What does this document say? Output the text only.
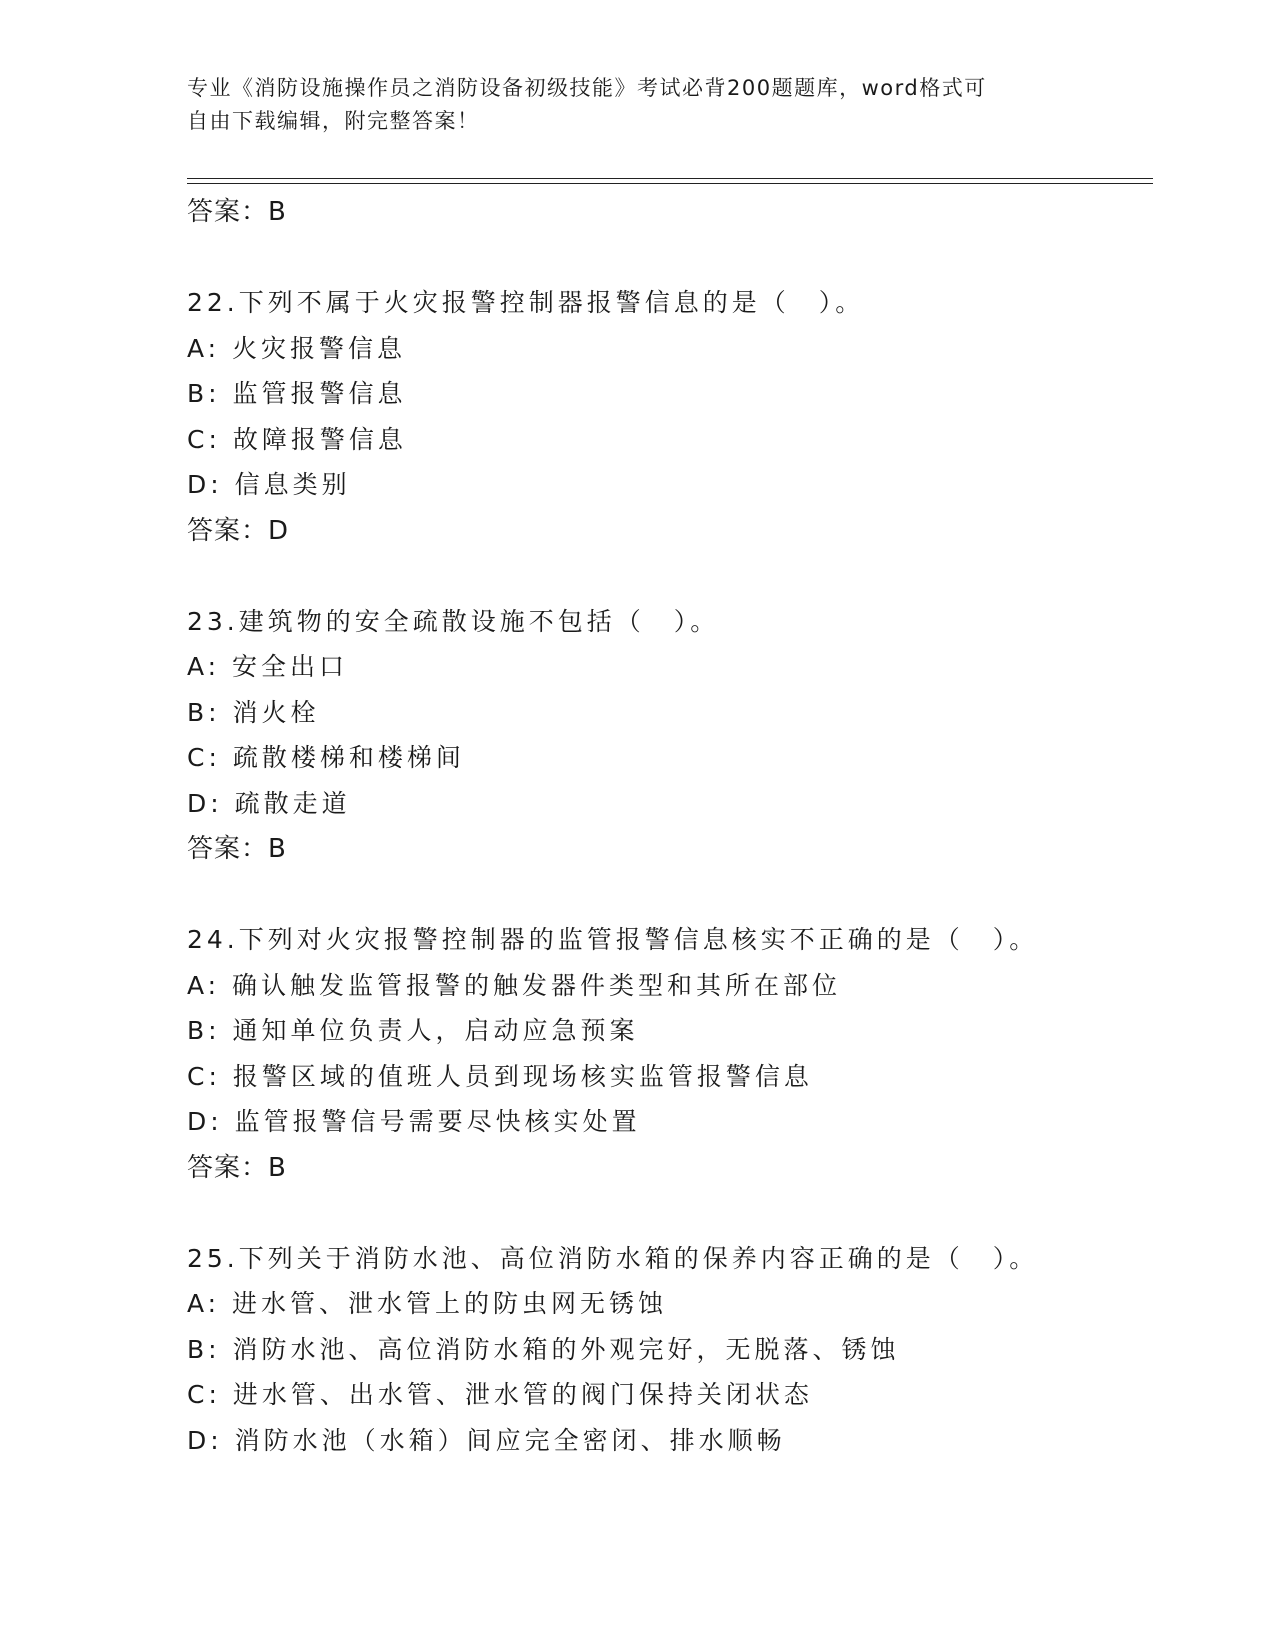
专业《消防设施操作员之消防设备初级技能》考试必背200题题库，word格式可
自由下载编辑，附完整答案！
答案：B
22.下列不属于火灾报警控制器报警信息的是（　）。
A: 火灾报警信息
B: 监管报警信息
C: 故障报警信息
D: 信息类别
答案：D
23.建筑物的安全疏散设施不包括（　）。
A: 安全出口
B: 消火栓
C: 疏散楼梯和楼梯间
D: 疏散走道
答案：B
24.下列对火灾报警控制器的监管报警信息核实不正确的是（　）。
A: 确认触发监管报警的触发器件类型和其所在部位
B: 通知单位负责人，启动应急预案
C: 报警区域的值班人员到现场核实监管报警信息
D: 监管报警信号需要尽快核实处置
答案：B
25.下列关于消防水池、高位消防水箱的保养内容正确的是（　）。
A: 进水管、泄水管上的防虫网无锈蚀
B: 消防水池、高位消防水箱的外观完好，无脱落、锈蚀
C: 进水管、出水管、泄水管的阀门保持关闭状态
D: 消防水池（水箱）间应完全密闭、排水顺畅
